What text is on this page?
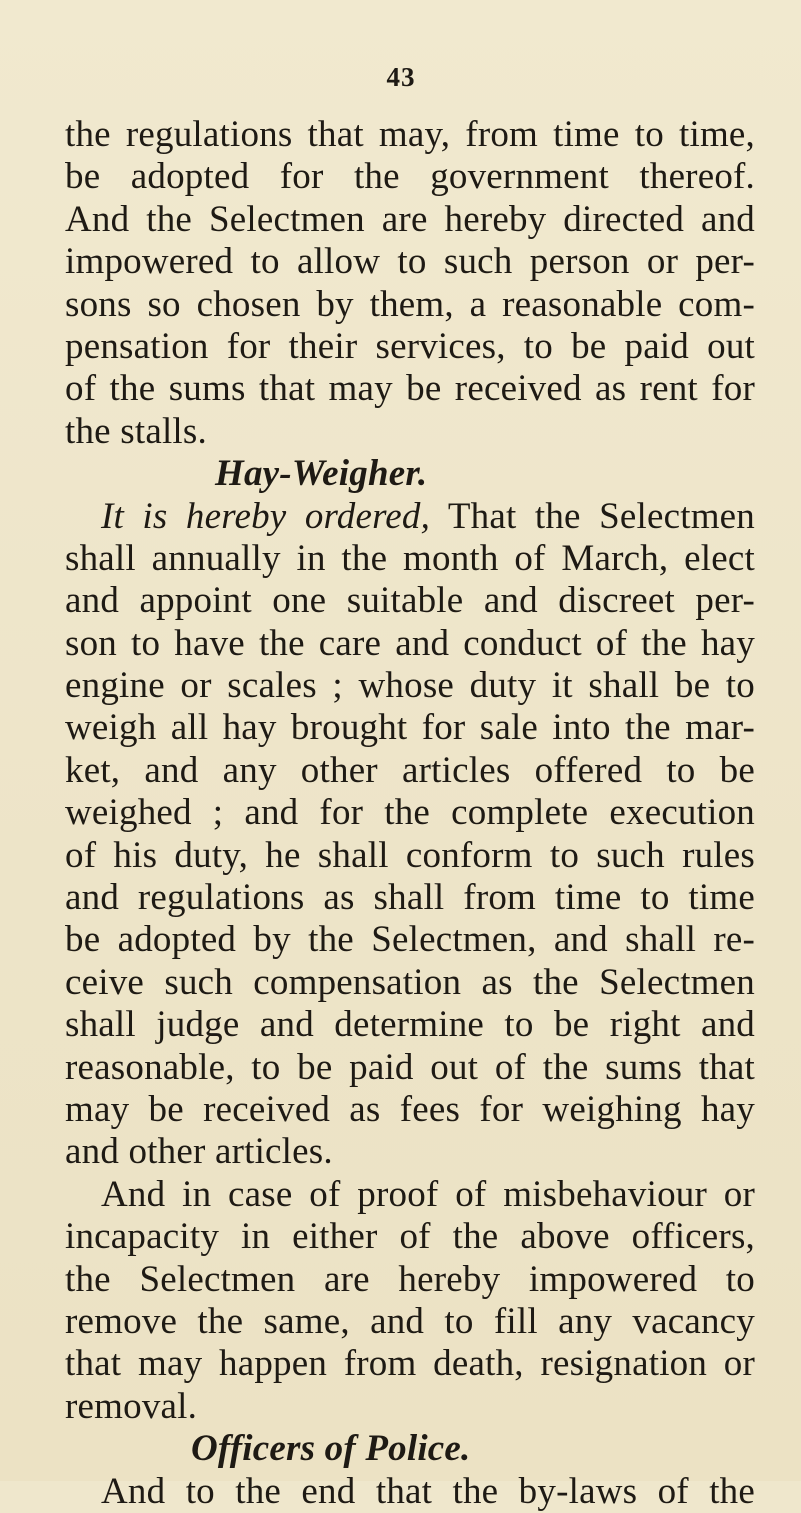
43
the regulations that may, from time to time,
be adopted for the government thereof.
And the Selectmen are hereby directed and
impowered to allow to such person or per-
sons so chosen by them, a reasonable com-
pensation for their services, to be paid out
of the sums that may be received as rent for
the stalls.
Hay-Weigher.
It is hereby ordered, That the Selectmen
shall annually in the month of March, elect
and appoint one suitable and discreet per-
son to have the care and conduct of the hay
engine or scales ; whose duty it shall be to
weigh all hay brought for sale into the mar-
ket, and any other articles offered to be
weighed ; and for the complete execution
of his duty, he shall conform to such rules
and regulations as shall from time to time
be adopted by the Selectmen, and shall re-
ceive such compensation as the Selectmen
shall judge and determine to be right and
reasonable, to be paid out of the sums that
may be received as fees for weighing hay
and other articles.
And in case of proof of misbehaviour or
incapacity in either of the above officers,
the Selectmen are hereby impowered to
remove the same, and to fill any vacancy
that may happen from death, resignation or
removal.
Officers of Police.
And to the end that the by-laws of the
